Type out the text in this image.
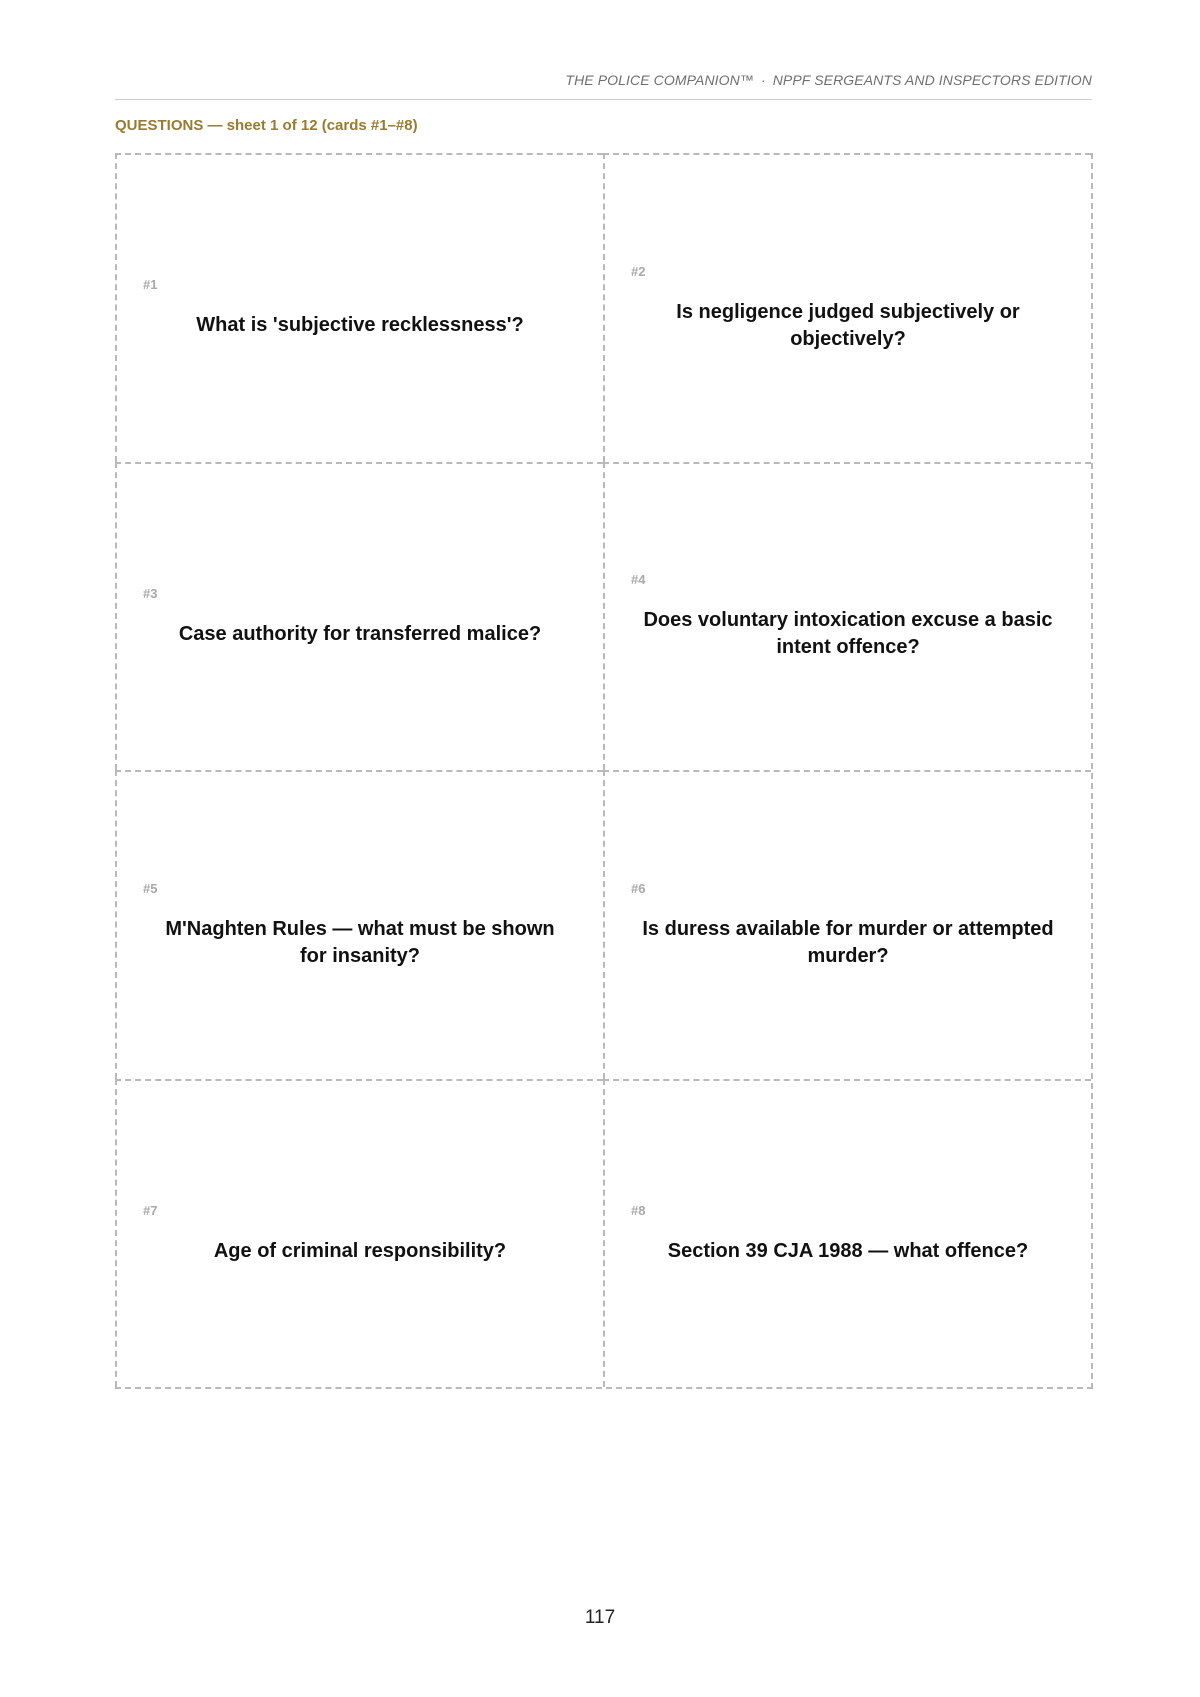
THE POLICE COMPANION™ · NPPF SERGEANTS AND INSPECTORS EDITION
QUESTIONS — sheet 1 of 12 (cards #1–#8)
#1
What is 'subjective recklessness'?
#2
Is negligence judged subjectively or objectively?
#3
Case authority for transferred malice?
#4
Does voluntary intoxication excuse a basic intent offence?
#5
M'Naghten Rules — what must be shown for insanity?
#6
Is duress available for murder or attempted murder?
#7
Age of criminal responsibility?
#8
Section 39 CJA 1988 — what offence?
117
